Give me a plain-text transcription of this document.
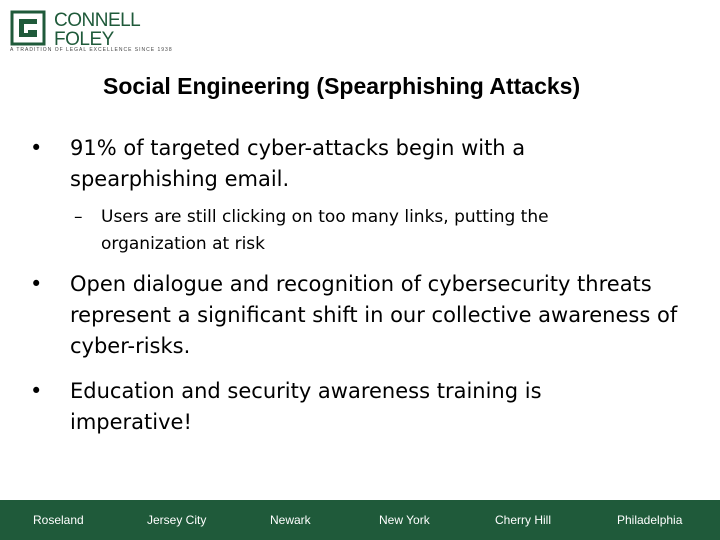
CONNELL
FOLEY
A TRADITION OF LEGAL EXCELLENCE SINCE 1938
Social Engineering (Spearphishing Attacks)
• 91% of targeted cyber-attacks begin with a spearphishing email.
– Users are still clicking on too many links, putting the organization at risk
• Open dialogue and recognition of cybersecurity threats represent a significant shift in our collective awareness of cyber-risks.
• Education and security awareness training is imperative!
Roseland	Jersey City	Newark	New York	Cherry Hill	Philadelphia
